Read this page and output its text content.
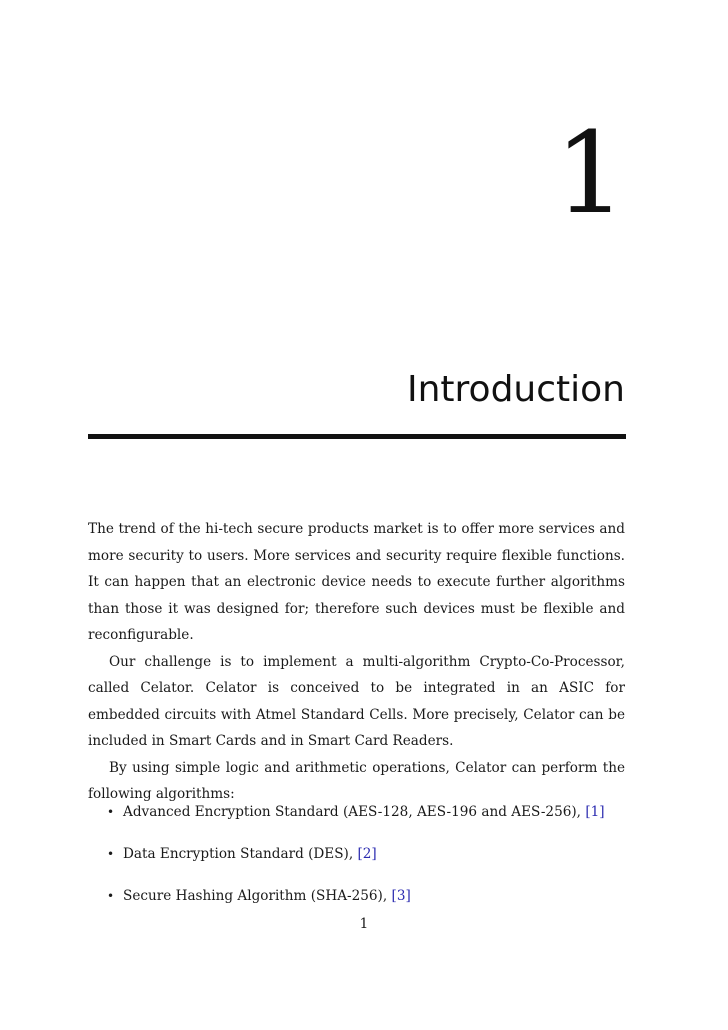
1
Introduction

The trend of the hi-tech secure products market is to offer more services and more security to users. More services and security require flexible functions. It can happen that an electronic device needs to execute further algorithms than those it was designed for; therefore such devices must be flexible and reconfigurable.

Our challenge is to implement a multi-algorithm Crypto-Co-Processor, called Celator. Celator is conceived to be integrated in an ASIC for embedded circuits with Atmel Standard Cells. More precisely, Celator can be included in Smart Cards and in Smart Card Readers.

By using simple logic and arithmetic operations, Celator can perform the following algorithms:

• Advanced Encryption Standard (AES-128, AES-196 and AES-256), [1]
• Data Encryption Standard (DES), [2]
• Secure Hashing Algorithm (SHA-256), [3]
1
